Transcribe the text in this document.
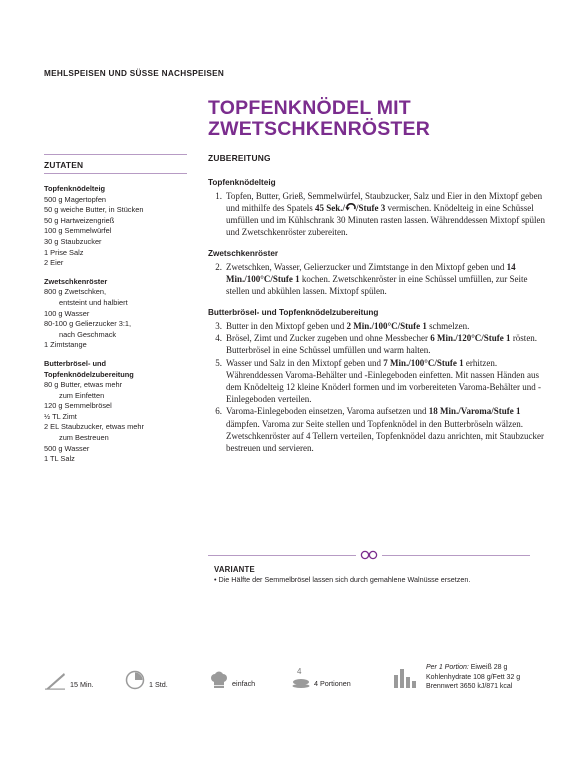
MEHLSPEISEN UND SÜSSE NACHSPEISEN
TOPFENKNÖDEL MIT
ZWETSCHKENRÖSTER
ZUTATEN
ZUBEREITUNG
Topfenknödelteig
500 g Magertopfen
50 g weiche Butter, in Stücken
50 g Hartweizengrieß
100 g Semmelwürfel
30 g Staubzucker
1 Prise Salz
2 Eier
Zwetschkenröster
800 g Zwetschken,
entsteint und halbiert
100 g Wasser
80-100 g Gelierzucker 3:1,
nach Geschmack
1 Zimtstange
Butterbrösel- und Topfenknödelzubereitung
80 g Butter, etwas mehr
zum Einfetten
120 g Semmelbrösel
½ TL Zimt
2 EL Staubzucker, etwas mehr
zum Bestreuen
500 g Wasser
1 TL Salz
Topfenknödelteig
1. Topfen, Butter, Grieß, Semmelwürfel, Staubzucker, Salz und Eier in den Mixtopf geben und mithilfe des Spatels 45 Sek./ /Stufe 3 vermischen. Knödelteig in eine Schüssel umfüllen und im Kühlschrank 30 Minuten rasten lassen. Währenddessen Mixtopf spülen und Zwetschkenröster zubereiten.
Zwetschkenröster
2. Zwetschken, Wasser, Gelierzucker und Zimtstange in den Mixtopf geben und 14 Min./100°C/Stufe 1 kochen. Zwetschkenröster in eine Schüssel umfüllen, zur Seite stellen und abkühlen lassen. Mixtopf spülen.
Butterbrösel- und Topfenknödelzubereitung
3. Butter in den Mixtopf geben und 2 Min./100°C/Stufe 1 schmelzen.
4. Brösel, Zimt und Zucker zugeben und ohne Messbecher 6 Min./120°C/Stufe 1 rösten. Butterbrösel in eine Schüssel umfüllen und warm halten.
5. Wasser und Salz in den Mixtopf geben und 7 Min./100°C/Stufe 1 erhitzen. Währenddessen Varoma-Behälter und -Einlegeboden einfetten. Mit nassen Händen aus dem Knödelteig 12 kleine Knöderl formen und im vorbereiteten Varoma-Behälter und -Einlegeboden verteilen.
6. Varoma-Einlegeboden einsetzen, Varoma aufsetzen und 18 Min./Varoma/Stufe 1 dämpfen. Varoma zur Seite stellen und Topfenknödel in den Butterbröseln wälzen. Zwetschkenröster auf 4 Tellern verteilen, Topfenknödel dazu anrichten, mit Staubzucker bestreuen und servieren.
VARIANTE
• Die Hälfte der Semmelbrösel lassen sich durch gemahlene Walnüsse ersetzen.
15 Min.	1 Std.	einfach
4
4 Portionen
Per 1 Portion: Eiweiß 28 g
Kohlenhydrate 108 g/Fett 32 g
Brennwert 3650 kJ/871 kcal
